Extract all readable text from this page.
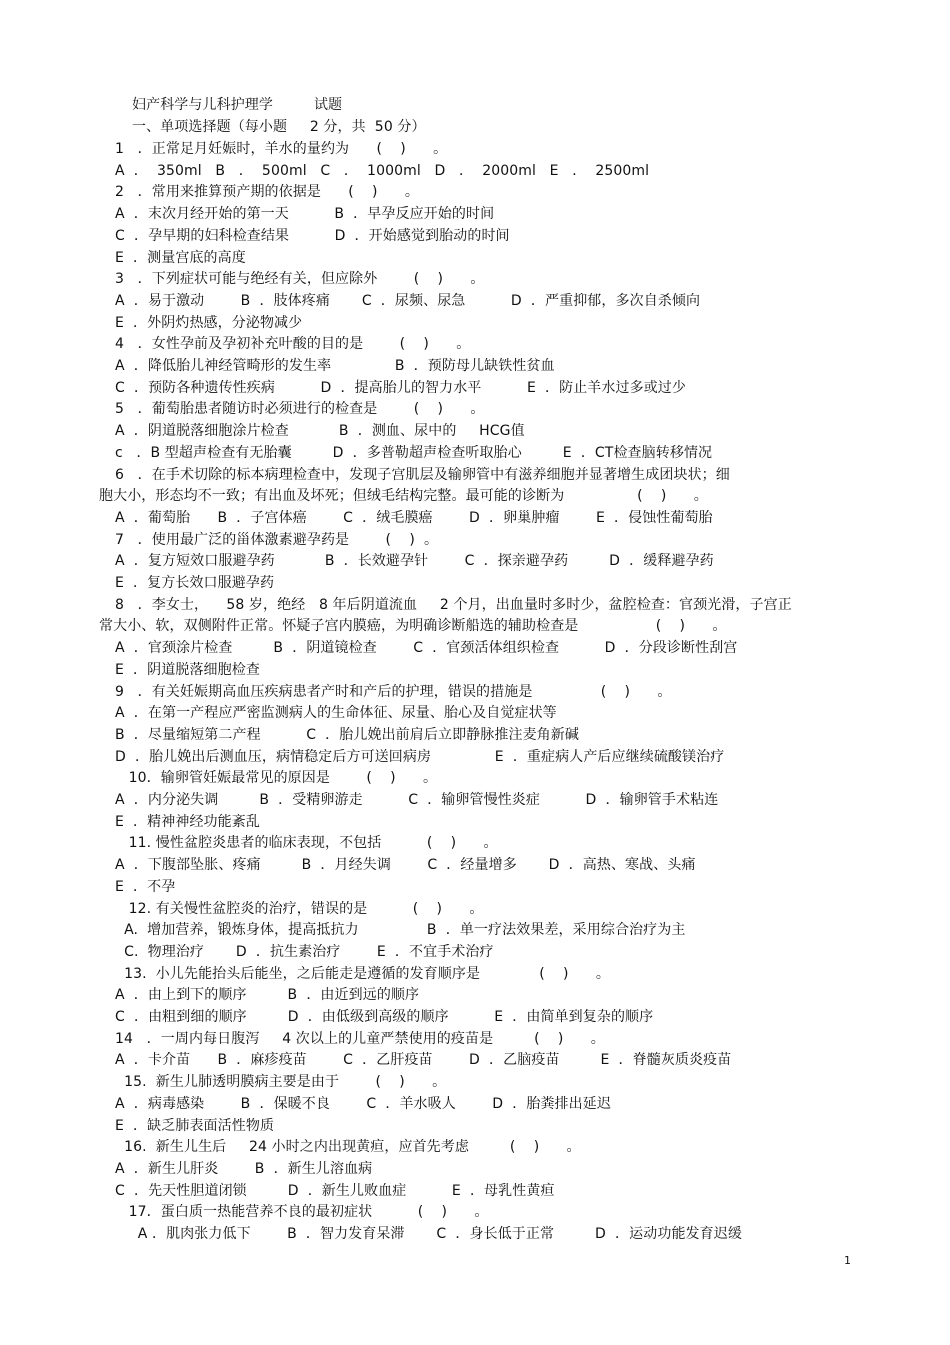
妇产科学与儿科护理学         试题
一、单项选择题（每小题     2 分，共  50 分）
1   ．正常足月妊娠时，羊水的量约为      (    )      。
A  ．  350ml   B   ．  500ml   C   ．  1000ml   D   ．  2000ml   E   ．  2500ml
2   ．常用来推算预产期的依据是      (    )      。
A  ．末次月经开始的第一天          B  ．早孕反应开始的时间
C  ．孕早期的妇科检查结果          D  ．开始感觉到胎动的时间
E  ．测量宫底的高度
3   ．下列症状可能与绝经有关，但应除外        (    )      。
A  ．易于激动        B  ．肢体疼痛       C  ．尿频、尿急          D  ．严重抑郁，多次自杀倾向
E  ．外阴灼热感，分泌物减少
4   ．女性孕前及孕初补充叶酸的目的是        (    )      。
A  ．降低胎儿神经管畸形的发生率              B  ．预防母儿缺铁性贫血
C  ．预防各种遗传性疾病          D  ．提高胎儿的智力水平          E  ．防止羊水过多或过少
5   ．葡萄胎患者随访时必须进行的检查是        (    )      。
A  ．阴道脱落细胞涂片检查           B  ．测血、尿中的     HCG值
c   ．B 型超声检查有无胎囊         D  ．多普勒超声检查听取胎心         E  ．CT检查脑转移情况
6   ．在手术切除的标本病理检查中，发现子宫肌层及输卵管中有滋养细胞并显著增生成团块状；细
胞大小，形态均不一致；有出血及坏死；但绒毛结构完整。最可能的诊断为                (    )      。
A  ．葡萄胎      B  ．子宫体癌        C  ．绒毛膜癌        D  ．卵巢肿瘤        E  ．侵蚀性葡萄胎
7   ．使用最广泛的甾体激素避孕药是        (    )  。
A  ．复方短效口服避孕药           B  ．长效避孕针        C  ．探亲避孕药         D  ．缓释避孕药
E  ．复方长效口服避孕药
8   ．李女士，    58 岁，绝经   8 年后阴道流血     2 个月，出血量时多时少，盆腔检查：官颈光滑，子宫正
常大小、软，双侧附件正常。怀疑子宫内膜癌，为明确诊断船选的辅助检查是                 (    )      。
A  ．官颈涂片检查         B  ．阴道镜检查        C  ．官颈活体组织检查          D  ．分段诊断性刮宫
E  ．阴道脱落细胞检查
9   ．有关妊娠期高血压疾病患者产时和产后的护理，错误的措施是               (    )      。
A  ．在第一产程应严密监测病人的生命体征、尿量、胎心及自觉症状等
B  ．尽量缩短第二产程          C  ．胎儿娩出前肩后立即静脉推注麦角新碱
D  ．胎儿娩出后测血压，病情稳定后方可送回病房              E  ．重症病人产后应继续硫酸镁治疗
10．输卵管妊娠最常见的原因是        (    )      。
A  ．内分泌失调         B  ．受精卵游走          C  ．输卵管慢性炎症          D  ．输卵管手术粘连
E  ．精神神经功能紊乱
11. 慢性盆腔炎患者的临床表现，不包括          (    )      。
A  ．下腹部坠胀、疼痛         B  ．月经失调        C  ．经量增多       D  ．高热、寒战、头痛
E  ．不孕
12. 有关慢性盆腔炎的治疗，错误的是          (    )      。
A.  增加营养，锻炼身体，提高抵抗力               B  ．单一疗法效果差，采用综合治疗为主
C.  物理治疗       D  ．抗生素治疗        E  ．不宜手术治疗
13.  小儿先能抬头后能坐，之后能走是遵循的发育顺序是             (    )      。
A  ．由上到下的顺序         B  ．由近到远的顺序
C  ．由粗到细的顺序         D  ．由低级到高级的顺序          E  ．由简单到复杂的顺序
14   ．一周内每日腹泻     4 次以上的儿童严禁使用的疫苗是         (    )      。
A  ．卡介苗      B  ．麻疹疫苗        C  ．乙肝疫苗        D  ．乙脑疫苗         E  ．脊髓灰质炎疫苗
15.  新生儿肺透明膜病主要是由于        (    )      。
A  ．病毒感染        B  ．保暖不良        C  ．羊水吸人        D  ．胎粪排出延迟
E  ．缺乏肺表面活性物质
16.  新生儿生后     24 小时之内出现黄疸，应首先考虑         (    )      。
A  ．新生儿肝炎        B  ．新生儿溶血病
C  ．先天性胆道闭锁         D  ．新生儿败血症          E  ．母乳性黄疸
17．蛋白质一热能营养不良的最初症状          (    )      。
A ．肌肉张力低下        B  ．智力发育呆滞       C  ．身长低于正常         D  ．运动功能发育迟缓
1
